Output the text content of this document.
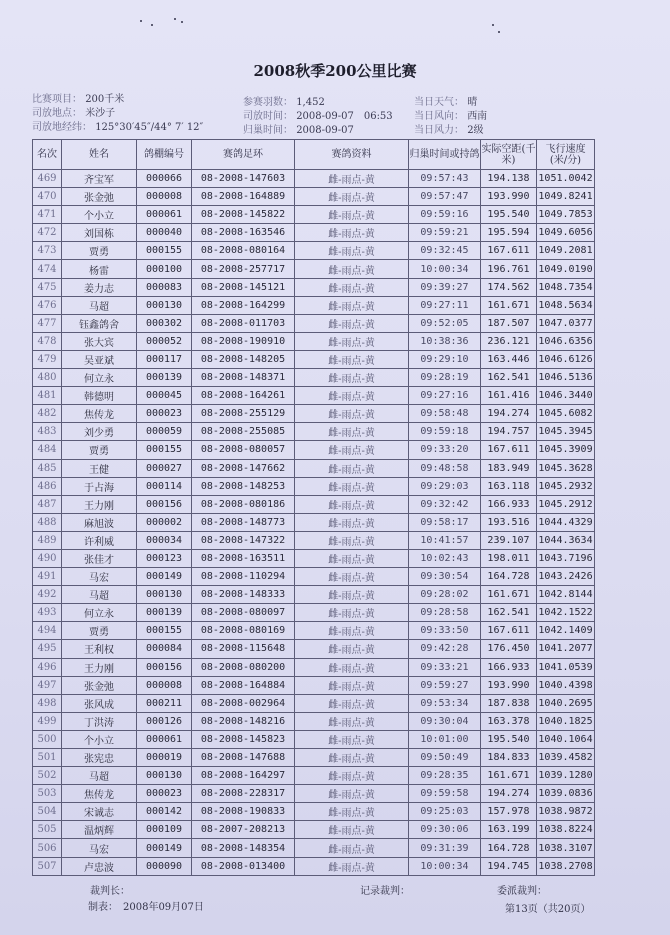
2008秋季200公里比赛
比赛项目： 200千米
司放地点： 米沙子
司放地经纬： 125°30′45″/44° 7′ 12″
参赛羽数： 1,452
司放时间： 2008-09-07　06:53
归巢时间： 2008-09-07
当日天气： 晴
当日风向： 西南
当日风力： 2级
名次	姓名	鸽棚编号	赛鸽足环	赛鸽资料	归巢时间或持鸽	实际空距(千米)	飞行速度(米/分)
469	齐宝军	000066	08-2008-147603	雌-雨点-黄	09:57:43	194.138	1051.0042
470	张金弛	000008	08-2008-164889	雌-雨点-黄	09:57:47	193.990	1049.8241
471	个小立	000061	08-2008-145822	雌-雨点-黄	09:59:16	195.540	1049.7853
472	刘国栋	000040	08-2008-163546	雌-雨点-黄	09:59:21	195.594	1049.6056
473	贾勇	000155	08-2008-080164	雌-雨点-黄	09:32:45	167.611	1049.2081
474	杨雷	000100	08-2008-257717	雌-雨点-黄	10:00:34	196.761	1049.0190
475	姜力志	000083	08-2008-145121	雌-雨点-黄	09:39:27	174.562	1048.7354
476	马超	000130	08-2008-164299	雌-雨点-黄	09:27:11	161.671	1048.5634
477	钰鑫鸽舍	000302	08-2008-011703	雌-雨点-黄	09:52:05	187.507	1047.0377
478	张大宾	000052	08-2008-190910	雌-雨点-黄	10:38:36	236.121	1046.6356
479	吴亚斌	000117	08-2008-148205	雌-雨点-黄	09:29:10	163.446	1046.6126
480	何立永	000139	08-2008-148371	雌-雨点-黄	09:28:19	162.541	1046.5136
481	韩德明	000045	08-2008-164261	雌-雨点-黄	09:27:16	161.416	1046.3440
482	焦传龙	000023	08-2008-255129	雌-雨点-黄	09:58:48	194.274	1045.6082
483	刘少勇	000059	08-2008-255085	雌-雨点-黄	09:59:18	194.757	1045.3945
484	贾勇	000155	08-2008-080057	雌-雨点-黄	09:33:20	167.611	1045.3909
485	王健	000027	08-2008-147662	雌-雨点-黄	09:48:58	183.949	1045.3628
486	于占海	000114	08-2008-148253	雌-雨点-黄	09:29:03	163.118	1045.2932
487	王力刚	000156	08-2008-080186	雌-雨点-黄	09:32:42	166.933	1045.2912
488	麻旭波	000002	08-2008-148773	雌-雨点-黄	09:58:17	193.516	1044.4329
489	许利威	000034	08-2008-147322	雌-雨点-黄	10:41:57	239.107	1044.3634
490	张佳才	000123	08-2008-163511	雌-雨点-黄	10:02:43	198.011	1043.7196
491	马宏	000149	08-2008-110294	雌-雨点-黄	09:30:54	164.728	1043.2426
492	马超	000130	08-2008-148333	雌-雨点-黄	09:28:02	161.671	1042.8144
493	何立永	000139	08-2008-080097	雌-雨点-黄	09:28:58	162.541	1042.1522
494	贾勇	000155	08-2008-080169	雌-雨点-黄	09:33:50	167.611	1042.1409
495	王利权	000084	08-2008-115648	雌-雨点-黄	09:42:28	176.450	1041.2077
496	王力刚	000156	08-2008-080200	雌-雨点-黄	09:33:21	166.933	1041.0539
497	张金弛	000008	08-2008-164884	雌-雨点-黄	09:59:27	193.990	1040.4398
498	张风成	000211	08-2008-002964	雌-雨点-黄	09:53:34	187.838	1040.2695
499	丁洪涛	000126	08-2008-148216	雌-雨点-黄	09:30:04	163.378	1040.1825
500	个小立	000061	08-2008-145823	雌-雨点-黄	10:01:00	195.540	1040.1064
501	张宪忠	000019	08-2008-147688	雌-雨点-黄	09:50:49	184.833	1039.4582
502	马超	000130	08-2008-164297	雌-雨点-黄	09:28:35	161.671	1039.1280
503	焦传龙	000023	08-2008-228317	雌-雨点-黄	09:59:58	194.274	1039.0836
504	宋诚志	000142	08-2008-190833	雌-雨点-黄	09:25:03	157.978	1038.9872
505	温炳辉	000109	08-2007-208213	雌-雨点-黄	09:30:06	163.199	1038.8224
506	马宏	000149	08-2008-148354	雌-雨点-黄	09:31:39	164.728	1038.3107
507	卢忠波	000090	08-2008-013400	雌-雨点-黄	10:00:34	194.745	1038.2708
裁判长：	记录裁判：	委派裁判：
制表：　2008年09月07日	第13页（共20页）
